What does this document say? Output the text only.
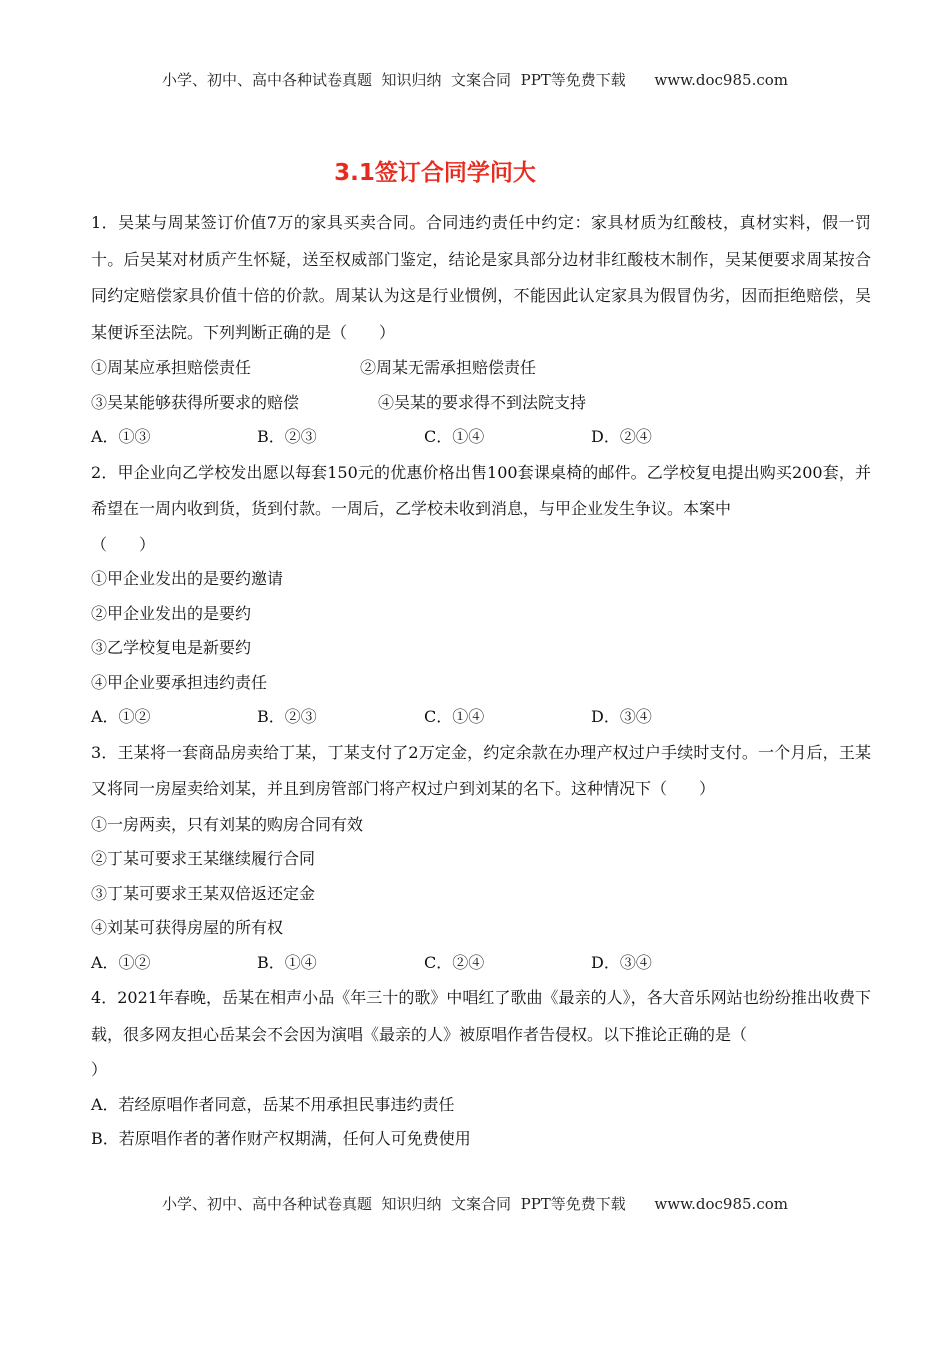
小学、初中、高中各种试卷真题  知识归纳  文案合同  PPT等免费下载      www.doc985.com
3.1签订合同学问大

1．吴某与周某签订价值7万的家具买卖合同。合同违约责任中约定：家具材质为红酸枝，真材实料，假一罚十。后吴某对材质产生怀疑，送至权威部门鉴定，结论是家具部分边材非红酸枝木制作，吴某便要求周某按合同约定赔偿家具价值十倍的价款。周某认为这是行业惯例，不能因此认定家具为假冒伪劣，因而拒绝赔偿，吴某便诉至法院。下列判断正确的是（　　）

①周某应承担赔偿责任	②周某无需承担赔偿责任
③吴某能够获得所要求的赔偿	④吴某的要求得不到法院支持
A．①③	B．②③	C．①④	D．②④

2．甲企业向乙学校发出愿以每套150元的优惠价格出售100套课桌椅的邮件。乙学校复电提出购买200套，并希望在一周内收到货，货到付款。一周后，乙学校未收到消息，与甲企业发生争议。本案中

（　　）
①甲企业发出的是要约邀请
②甲企业发出的是要约
③乙学校复电是新要约
④甲企业要承担违约责任
A．①②	B．②③	C．①④	D．③④

3．王某将一套商品房卖给丁某，丁某支付了2万定金，约定余款在办理产权过户手续时支付。一个月后，王某又将同一房屋卖给刘某，并且到房管部门将产权过户到刘某的名下。这种情况下（　　）

①一房两卖，只有刘某的购房合同有效
②丁某可要求王某继续履行合同
③丁某可要求王某双倍返还定金
④刘某可获得房屋的所有权
A．①②	B．①④	C．②④	D．③④

4．2021年春晚，岳某在相声小品《年三十的歌》中唱红了歌曲《最亲的人》，各大音乐网站也纷纷推出收费下载，很多网友担心岳某会不会因为演唱《最亲的人》被原唱作者告侵权。以下推论正确的是（

）
A．若经原唱作者同意，岳某不用承担民事违约责任
B．若原唱作者的著作财产权期满，任何人可免费使用
小学、初中、高中各种试卷真题  知识归纳  文案合同  PPT等免费下载      www.doc985.com
